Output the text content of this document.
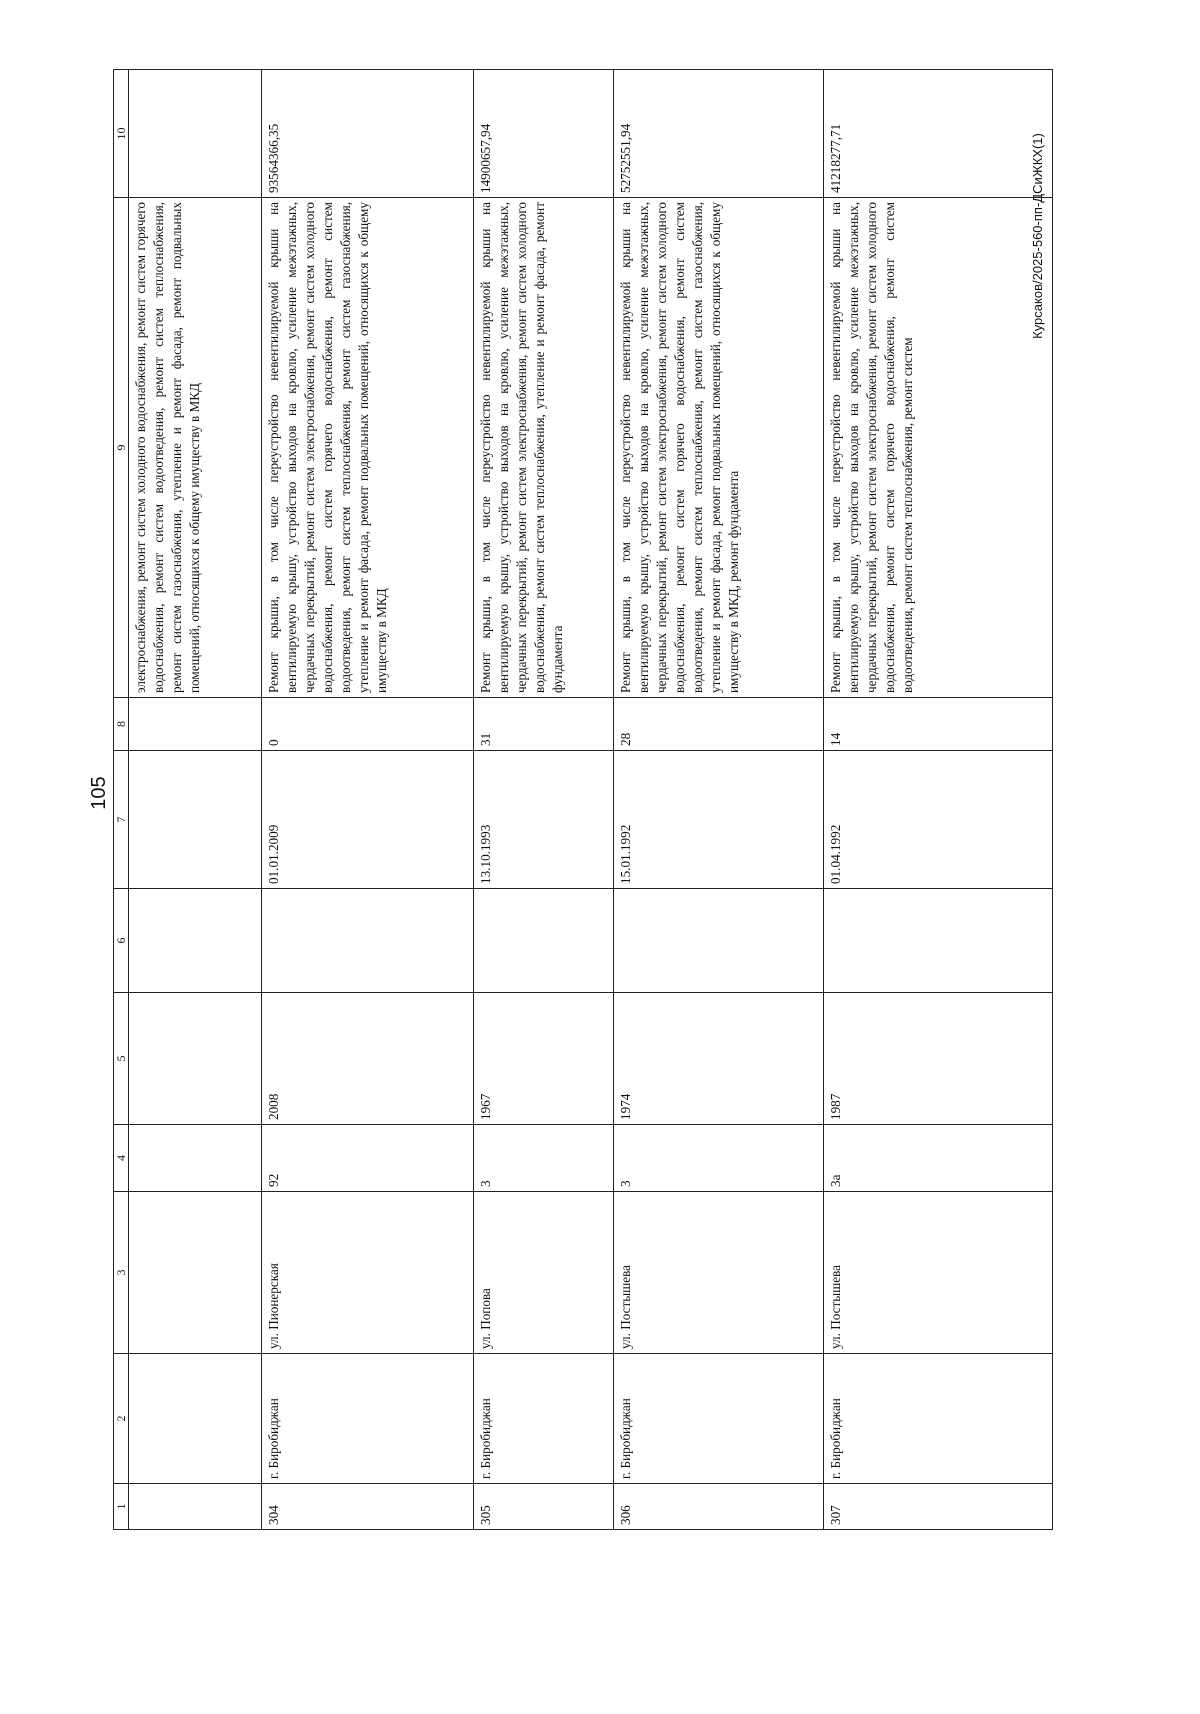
105
Курсаков/2025-560-пп-ДСиЖКХ(1)
1	2	3	4	5	6	7	8	9	10
								электроснабжения, ремонт систем холодного водоснабжения, ремонт систем горячего водоснабжения, ремонт систем водоотведения, ремонт систем теплоснабжения, ремонт систем газоснабжения, утепление и ремонт фасада, ремонт подвальных помещений, относящихся к общему имуществу в МКД	
304	г. Биробиджан	ул. Пионерская	92	2008		01.01.2009	0	Ремонт крыши, в том числе переустройство невентилируемой крыши на вентилируемую крышу, устройство выходов на кровлю, усиление межэтажных, чердачных перекрытий, ремонт систем электроснабжения, ремонт систем холодного водоснабжения, ремонт систем горячего водоснабжения, ремонт систем водоотведения, ремонт систем теплоснабжения, ремонт систем газоснабжения, утепление и ремонт фасада, ремонт подвальных помещений, относящихся к общему имуществу в МКД	93564366,35
305	г. Биробиджан	ул. Попова	3	1967		13.10.1993	31	Ремонт крыши, в том числе переустройство невентилируемой крыши на вентилируемую крышу, устройство выходов на кровлю, усиление межэтажных, чердачных перекрытий, ремонт систем электроснабжения, ремонт систем холодного водоснабжения, ремонт систем теплоснабжения, утепление и ремонт фасада, ремонт фундамента	14900657,94
306	г. Биробиджан	ул. Постышева	3	1974		15.01.1992	28	Ремонт крыши, в том числе переустройство невентилируемой крыши на вентилируемую крышу, устройство выходов на кровлю, усиление межэтажных, чердачных перекрытий, ремонт систем электроснабжения, ремонт систем холодного водоснабжения, ремонт систем горячего водоснабжения, ремонт систем водоотведения, ремонт систем теплоснабжения, ремонт систем газоснабжения, утепление и ремонт фасада, ремонт подвальных помещений, относящихся к общему имуществу в МКД, ремонт фундамента	52752551,94
307	г. Биробиджан	ул. Постышева	3а	1987		01.04.1992	14	Ремонт крыши, в том числе переустройство невентилируемой крыши на вентилируемую крышу, устройство выходов на кровлю, усиление межэтажных, чердачных перекрытий, ремонт систем электроснабжения, ремонт систем холодного водоснабжения, ремонт систем горячего водоснабжения, ремонт систем водоотведения, ремонт систем теплоснабжения, ремонт систем	41218277,71
